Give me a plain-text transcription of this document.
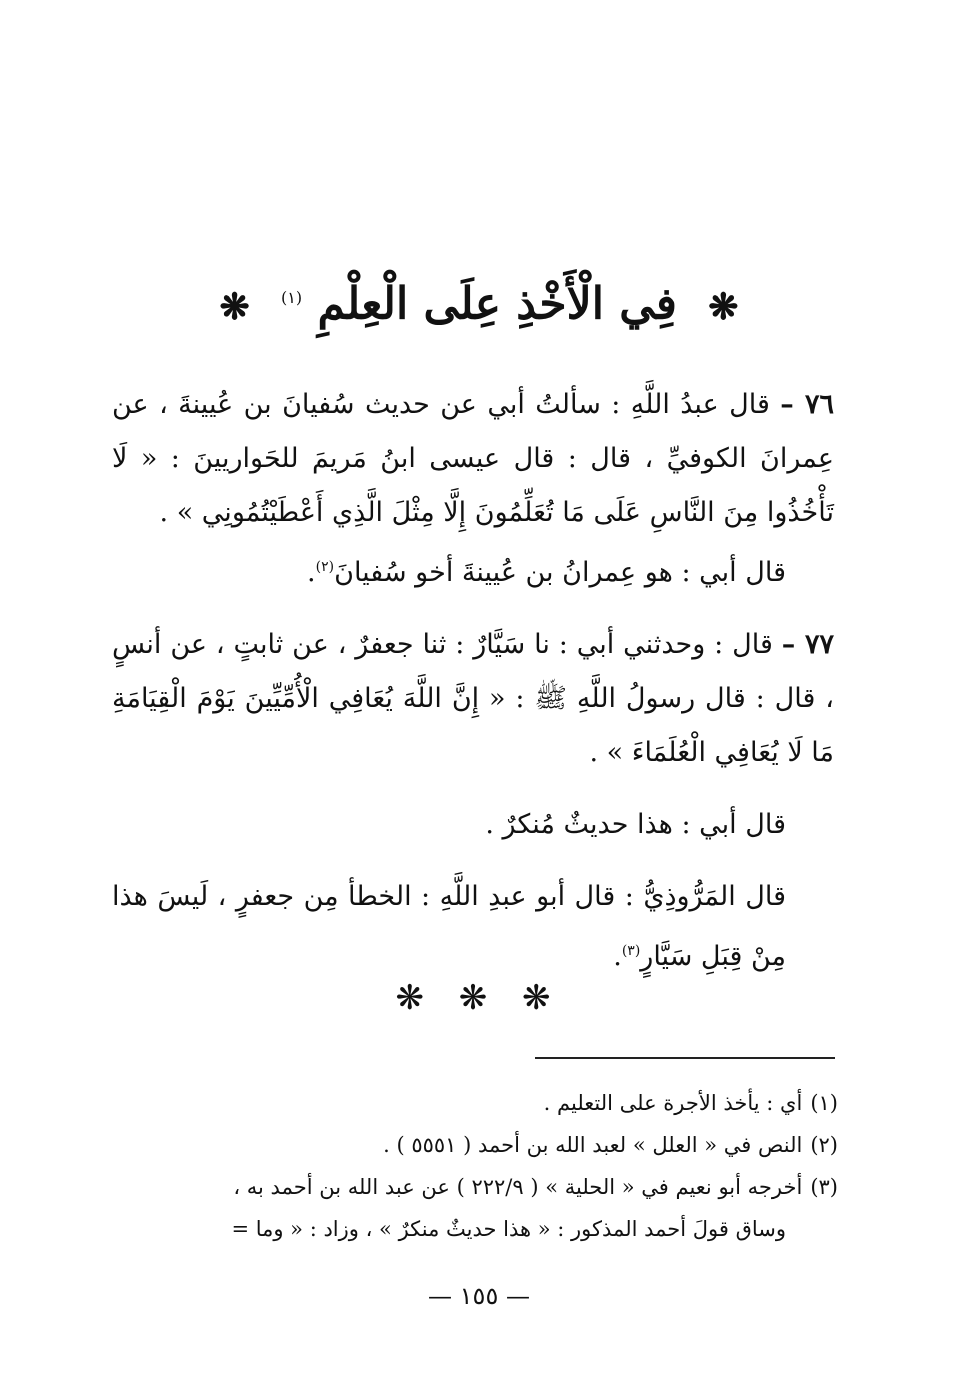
❋ فِي الْأَخْذِ عِلَى الْعِلْمِ $^{(١)}$ ❋

٧٦ – قال عبدُ اللَّهِ : سألتُ أبي عن حديث سُفيانَ بن عُيينةَ ، عن عِمرانَ الكوفيِّ ، قال : قال عيسى ابنُ مَريمَ للحَواريينَ : « لَا تَأْخُذُوا مِنَ النَّاسِ عَلَى مَا تُعَلِّمُونَ إِلَّا مِثْلَ الَّذِي أَعْطَيْتُمُونِي » .

قال أبي : هو عِمرانُ بن عُيينةَ أخو سُفيانَ$^{(٢)}$.

٧٧ – قال : وحدثني أبي : نا سَيَّارٌ : ثنا جعفرٌ ، عن ثابتٍ ، عن أنسٍ ، قال : قال رسولُ اللَّهِ ﷺ : « إِنَّ اللَّهَ يُعَافِي الْأُمِّيِّينَ يَوْمَ الْقِيَامَةِ مَا لَا يُعَافِي الْعُلَمَاءَ » .

قال أبي : هذا حديثٌ مُنكرٌ .

قال المَرُّوذِيُّ : قال أبو عبدِ اللَّهِ : الخطأ مِن جعفرٍ ، لَيسَ هذا مِنْ قِبَلِ سَيَّارٍ$^{(٣)}$.

❋ ❋ ❋

(١)أي : يأخذ الأجرة على التعليم .

(٢)النص في « العلل » لعبد الله بن أحمد ( ٥٥٥١ ) .

(٣)أخرجه أبو نعيم في « الحلية » ( ٢٢٢/٩ ) عن عبد الله بن أحمد به ،

وساق قولَ أحمد المذكور : « هذا حديثٌ منكرٌ » ، وزاد : « وما =

— ١٥٥ —
